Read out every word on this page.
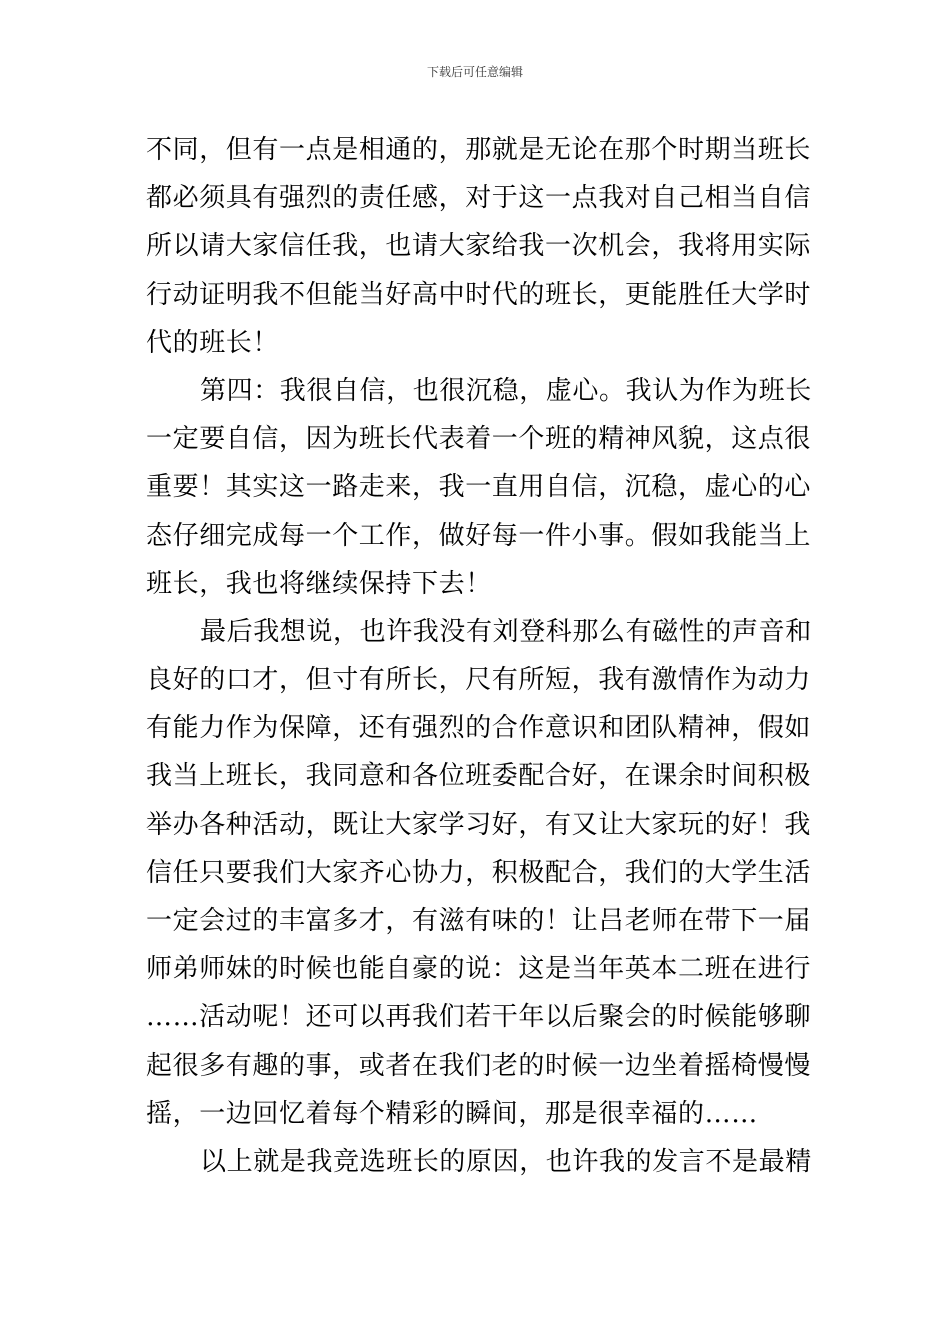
下载后可任意编辑
不同，但有一点是相通的，那就是无论在那个时期当班长
都必须具有强烈的责任感，对于这一点我对自己相当自信
所以请大家信任我，也请大家给我一次机会，我将用实际
行动证明我不但能当好高中时代的班长，更能胜任大学时
代的班长！
第四：我很自信，也很沉稳，虚心。我认为作为班长
一定要自信，因为班长代表着一个班的精神风貌，这点很
重要！其实这一路走来，我一直用自信，沉稳，虚心的心
态仔细完成每一个工作，做好每一件小事。假如我能当上
班长，我也将继续保持下去！
最后我想说，也许我没有刘登科那么有磁性的声音和
良好的口才，但寸有所长，尺有所短，我有激情作为动力
有能力作为保障，还有强烈的合作意识和团队精神，假如
我当上班长，我同意和各位班委配合好，在课余时间积极
举办各种活动，既让大家学习好，有又让大家玩的好！我
信任只要我们大家齐心协力，积极配合，我们的大学生活
一定会过的丰富多才，有滋有味的！让吕老师在带下一届
师弟师妹的时候也能自豪的说：这是当年英本二班在进行
……活动呢！还可以再我们若干年以后聚会的时候能够聊
起很多有趣的事，或者在我们老的时候一边坐着摇椅慢慢
摇，一边回忆着每个精彩的瞬间，那是很幸福的……
以上就是我竞选班长的原因，也许我的发言不是最精
